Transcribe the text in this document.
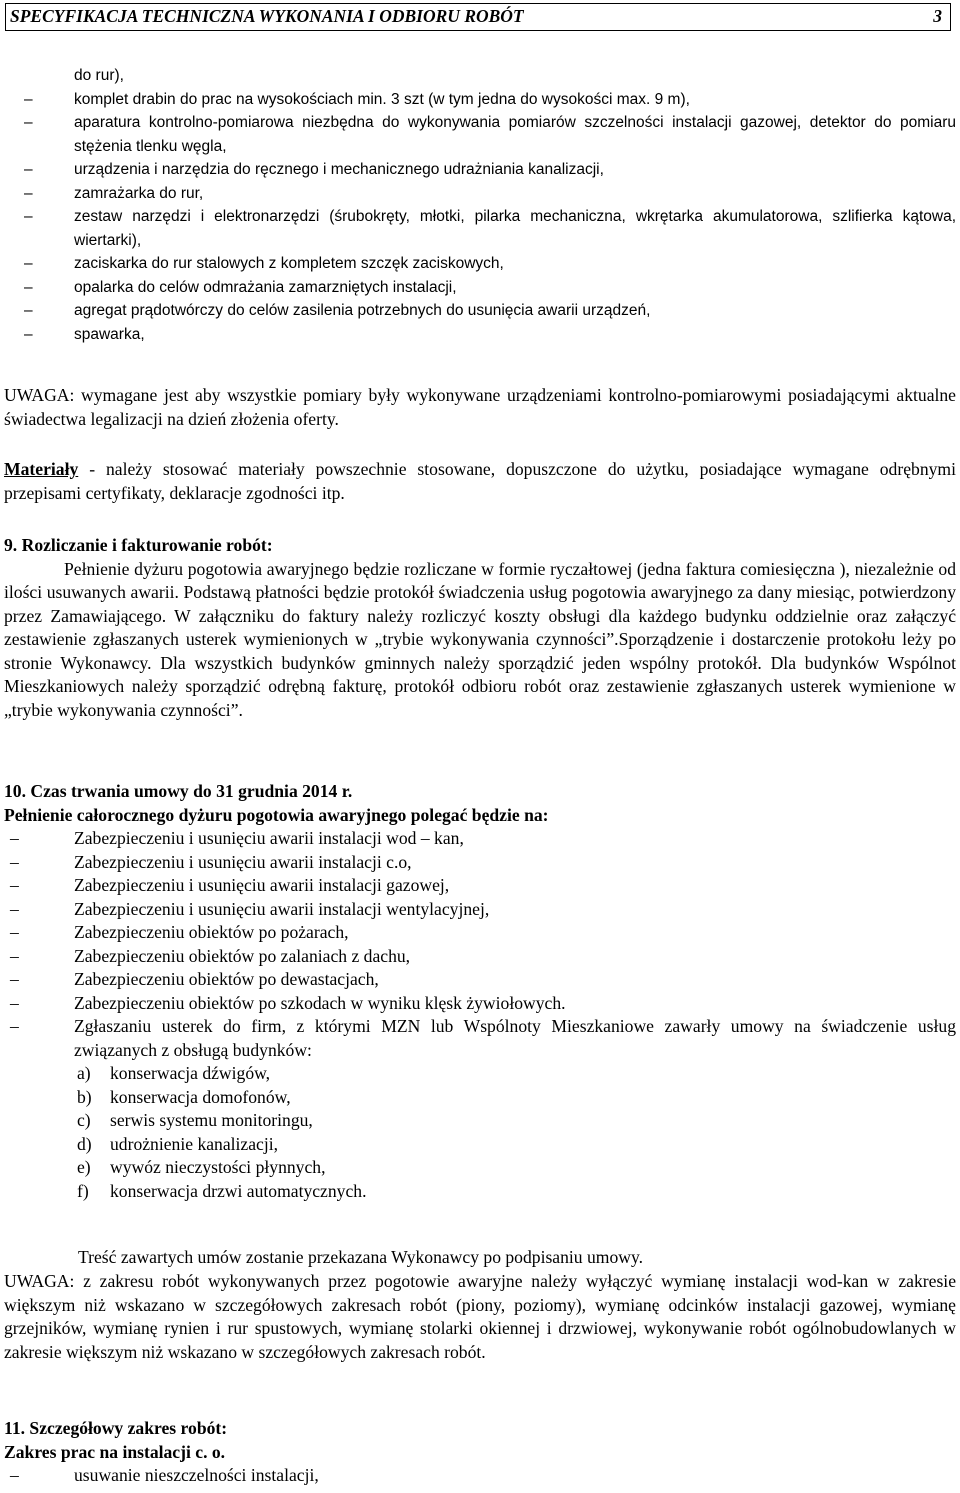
SPECYFIKACJA TECHNICZNA WYKONANIA I ODBIORU ROBÓT	3

do rur),

–	komplet drabin do prac na wysokościach min. 3 szt (w tym jedna do wysokości max. 9 m),
–	aparatura kontrolno-pomiarowa niezbędna do wykonywania pomiarów szczelności instalacji gazowej, detektor do pomiaru stężenia tlenku węgla,
–	urządzenia i narzędzia do ręcznego i mechanicznego udrażniania kanalizacji,
–	zamrażarka do rur,
–	zestaw narzędzi i elektronarzędzi (śrubokręty, młotki, pilarka mechaniczna, wkrętarka akumulatorowa, szlifierka kątowa, wiertarki),
–	zaciskarka do rur stalowych z kompletem szczęk zaciskowych,
–	opalarka do celów odmrażania zamarzniętych instalacji,
–	agregat prądotwórczy do celów zasilenia potrzebnych do usunięcia awarii urządzeń,
–	spawarka,

UWAGA: wymagane jest aby wszystkie pomiary były wykonywane urządzeniami kontrolno-pomiarowymi posiadającymi aktualne świadectwa legalizacji na dzień złożenia oferty.

Materiały - należy stosować materiały powszechnie stosowane, dopuszczone do użytku, posiadające wymagane odrębnymi przepisami certyfikaty, deklaracje zgodności itp.

9. Rozliczanie i fakturowanie robót:

Pełnienie dyżuru pogotowia awaryjnego będzie rozliczane w formie ryczałtowej (jedna faktura comiesięczna ), niezależnie od ilości usuwanych awarii. Podstawą płatności będzie protokół świadczenia usług pogotowia awaryjnego za dany miesiąc, potwierdzony przez Zamawiającego. W załączniku do faktury należy rozliczyć koszty obsługi dla każdego budynku oddzielnie oraz załączyć zestawienie zgłaszanych usterek wymienionych w „trybie wykonywania czynności”.Sporządzenie i dostarczenie protokołu leży po stronie Wykonawcy. Dla wszystkich budynków gminnych należy sporządzić jeden wspólny protokół. Dla budynków Wspólnot Mieszkaniowych należy sporządzić odrębną fakturę, protokół odbioru robót oraz zestawienie zgłaszanych usterek wymienione w „trybie wykonywania czynności”.

10. Czas trwania umowy do 31 grudnia 2014 r.

Pełnienie całorocznego dyżuru pogotowia awaryjnego polegać będzie na:

–	Zabezpieczeniu i usunięciu awarii instalacji wod – kan,
–	Zabezpieczeniu i usunięciu awarii instalacji c.o,
–	Zabezpieczeniu i usunięciu awarii instalacji gazowej,
–	Zabezpieczeniu i usunięciu awarii instalacji wentylacyjnej,
–	Zabezpieczeniu obiektów po pożarach,
–	Zabezpieczeniu obiektów po zalaniach z dachu,
–	Zabezpieczeniu obiektów po dewastacjach,
–	Zabezpieczeniu obiektów po szkodach w wyniku klęsk żywiołowych.
–	Zgłaszaniu usterek do firm, z którymi MZN lub Wspólnoty Mieszkaniowe zawarły umowy na świadczenie usług związanych z obsługą budynków:
a) konserwacja dźwigów,
b) konserwacja domofonów,
c) serwis systemu monitoringu,
d) udrożnienie kanalizacji,
e) wywóz nieczystości płynnych,
f) konserwacja drzwi automatycznych.

Treść zawartych umów zostanie przekazana Wykonawcy po podpisaniu umowy.

UWAGA: z zakresu robót wykonywanych przez pogotowie awaryjne należy wyłączyć wymianę instalacji wod-kan w zakresie większym niż wskazano w szczegółowych zakresach robót (piony, poziomy), wymianę odcinków instalacji gazowej, wymianę grzejników, wymianę rynien i rur spustowych, wymianę stolarki okiennej i drzwiowej, wykonywanie robót ogólnobudowlanych w zakresie większym niż wskazano w szczegółowych zakresach robót.

11. Szczegółowy zakres robót:

Zakres prac na instalacji c. o.

–	usuwanie nieszczelności instalacji,
